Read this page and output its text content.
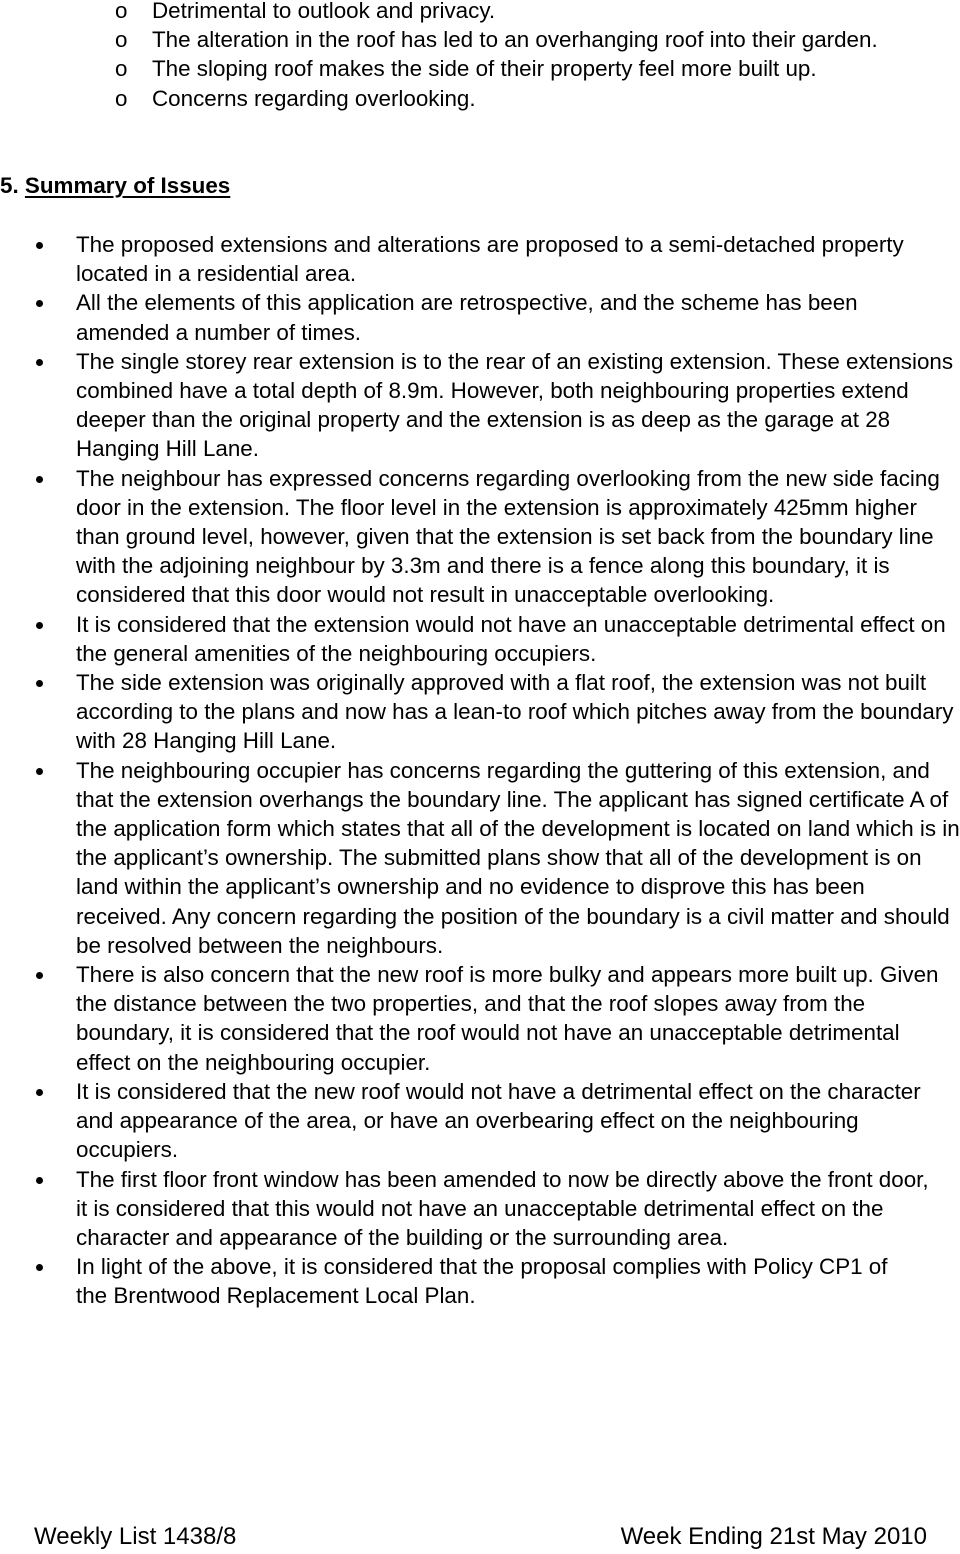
o Detrimental to outlook and privacy.
o The alteration in the roof has led to an overhanging roof into their garden.
o The sloping roof makes the side of their property feel more built up.
o Concerns regarding overlooking.
5. Summary of Issues
The proposed extensions and alterations are proposed to a semi-detached property located in a residential area.
All the elements of this application are retrospective, and the scheme has been amended a number of times.
The single storey rear extension is to the rear of an existing extension. These extensions combined have a total depth of 8.9m. However, both neighbouring properties extend deeper than the original property and the extension is as deep as the garage at 28 Hanging Hill Lane.
The neighbour has expressed concerns regarding overlooking from the new side facing door in the extension. The floor level in the extension is approximately 425mm higher than ground level, however, given that the extension is set back from the boundary line with the adjoining neighbour by 3.3m and there is a fence along this boundary, it is considered that this door would not result in unacceptable overlooking.
It is considered that the extension would not have an unacceptable detrimental effect on the general amenities of the neighbouring occupiers.
The side extension was originally approved with a flat roof, the extension was not built according to the plans and now has a lean-to roof which pitches away from the boundary with 28 Hanging Hill Lane.
The neighbouring occupier has concerns regarding the guttering of this extension, and that the extension overhangs the boundary line. The applicant has signed certificate A of the application form which states that all of the development is located on land which is in the applicant’s ownership. The submitted plans show that all of the development is on land within the applicant’s ownership and no evidence to disprove this has been received. Any concern regarding the position of the boundary is a civil matter and should be resolved between the neighbours.
There is also concern that the new roof is more bulky and appears more built up. Given the distance between the two properties, and that the roof slopes away from the boundary, it is considered that the roof would not have an unacceptable detrimental effect on the neighbouring occupier.
It is considered that the new roof would not have a detrimental effect on the character and appearance of the area, or have an overbearing effect on the neighbouring occupiers.
The first floor front window has been amended to now be directly above the front door, it is considered that this would not have an unacceptable detrimental effect on the character and appearance of the building or the surrounding area.
In light of the above, it is considered that the proposal complies with Policy CP1 of the Brentwood Replacement Local Plan.
Weekly List 1438/8	Week Ending 21st May 2010
